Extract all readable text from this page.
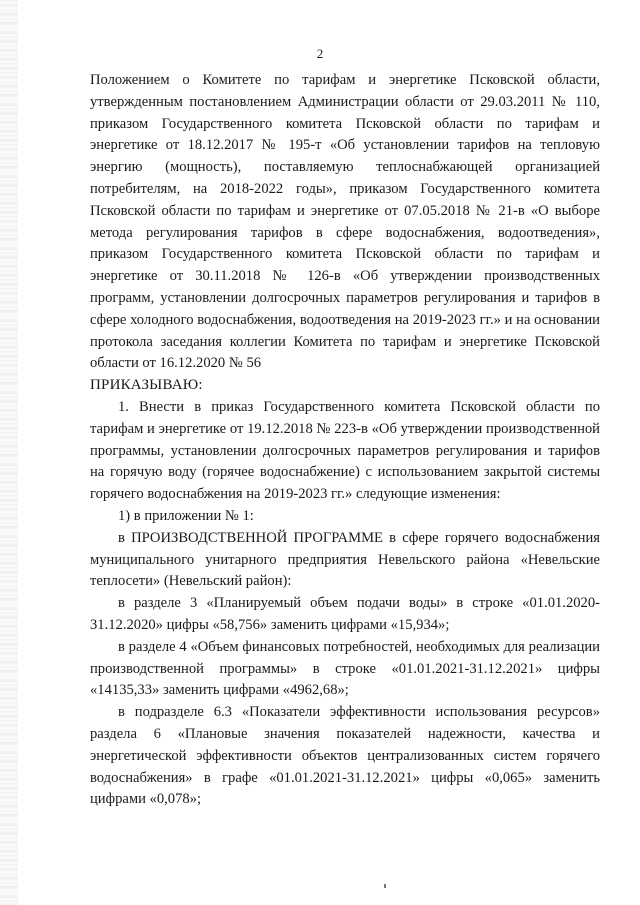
2

Положением о Комитете по тарифам и энергетике Псковской области, утвержденным постановлением Администрации области от 29.03.2011 № 110, приказом Государственного комитета Псковской области по тарифам и энергетике от 18.12.2017 № 195-т «Об установлении тарифов на тепловую энергию (мощность), поставляемую теплоснабжающей организацией потребителям, на 2018-2022 годы», приказом Государственного комитета Псковской области по тарифам и энергетике от 07.05.2018 № 21-в «О выборе метода регулирования тарифов в сфере водоснабжения, водоотведения», приказом Государственного комитета Псковской области по тарифам и энергетике от 30.11.2018 № 126-в «Об утверждении производственных программ, установлении долгосрочных параметров регулирования и тарифов в сфере холодного водоснабжения, водоотведения на 2019-2023 гг.» и на основании протокола заседания коллегии Комитета по тарифам и энергетике Псковской области от 16.12.2020 № 56

ПРИКАЗЫВАЮ:

1. Внести в приказ Государственного комитета Псковской области по тарифам и энергетике от 19.12.2018 № 223-в «Об утверждении производственной программы, установлении долгосрочных параметров регулирования и тарифов на горячую воду (горячее водоснабжение) с использованием закрытой системы горячего водоснабжения на 2019-2023 гг.» следующие изменения:

1) в приложении № 1:

в ПРОИЗВОДСТВЕННОЙ ПРОГРАММЕ в сфере горячего водоснабжения муниципального унитарного предприятия Невельского района «Невельские теплосети» (Невельский район):

в разделе 3 «Планируемый объем подачи воды» в строке «01.01.2020-31.12.2020» цифры «58,756» заменить цифрами «15,934»;

в разделе 4 «Объем финансовых потребностей, необходимых для реализации производственной программы» в строке «01.01.2021-31.12.2021» цифры «14135,33» заменить цифрами «4962,68»;

в подразделе 6.3 «Показатели эффективности использования ресурсов» раздела 6 «Плановые значения показателей надежности, качества и энергетической эффективности объектов централизованных систем горячего водоснабжения» в графе «01.01.2021-31.12.2021» цифры «0,065» заменить цифрами «0,078»;
